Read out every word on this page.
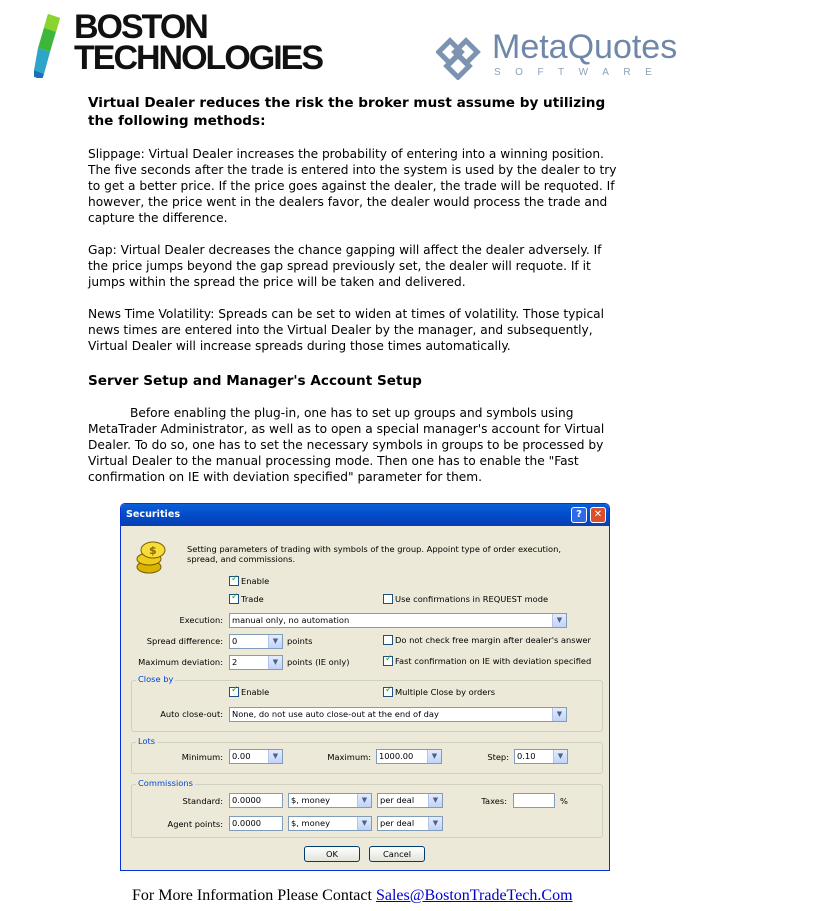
BOSTON
TECHNOLOGIES	MetaQuotes
SOFTWARE
Virtual Dealer reduces the risk the broker must assume by utilizing the following methods:

Slippage: Virtual Dealer increases the probability of entering into a winning position. The five seconds after the trade is entered into the system is used by the dealer to try to get a better price. If the price goes against the dealer, the trade will be requoted. If however, the price went in the dealers favor, the dealer would process the trade and capture the difference.

Gap: Virtual Dealer decreases the chance gapping will affect the dealer adversely. If the price jumps beyond the gap spread previously set, the dealer will requote. If it jumps within the spread the price will be taken and delivered.

News Time Volatility: Spreads can be set to widen at times of volatility. Those typical news times are entered into the Virtual Dealer by the manager, and subsequently, Virtual Dealer will increase spreads during those times automatically.

Server Setup and Manager's Account Setup

Before enabling the plug-in, one has to set up groups and symbols using MetaTrader Administrator, as well as to open a special manager's account for Virtual Dealer. To do so, one has to set the necessary symbols in groups to be processed by Virtual Dealer to the manual processing mode. Then one has to enable the "Fast confirmation on IE with deviation specified" parameter for them.

Securities	?	✕
$	Setting parameters of trading with symbols of the group. Appoint type of order execution, spread, and commissions.
✓ Enable
✓ Trade	Use confirmations in REQUEST mode
Execution: manual only, no automation	▼
Spread difference: 0	▼	points	Do not check free margin after dealer's answer
Maximum deviation: 2	▼	points (IE only)	✓ Fast confirmation on IE with deviation specified
Close by
✓ Enable	✓ Multiple Close by orders
Auto close-out: None, do not use auto close-out at the end of day	▼
Lots
Minimum: 0.00	▼	Maximum: 1000.00	▼	Step: 0.10	▼
Commissions
Standard: 0.0000	$, money	▼	per deal	▼	Taxes:	%
Agent points: 0.0000	$, money	▼	per deal	▼
OK	Cancel
For More Information Please Contact Sales@BostonTradeTech.Com
